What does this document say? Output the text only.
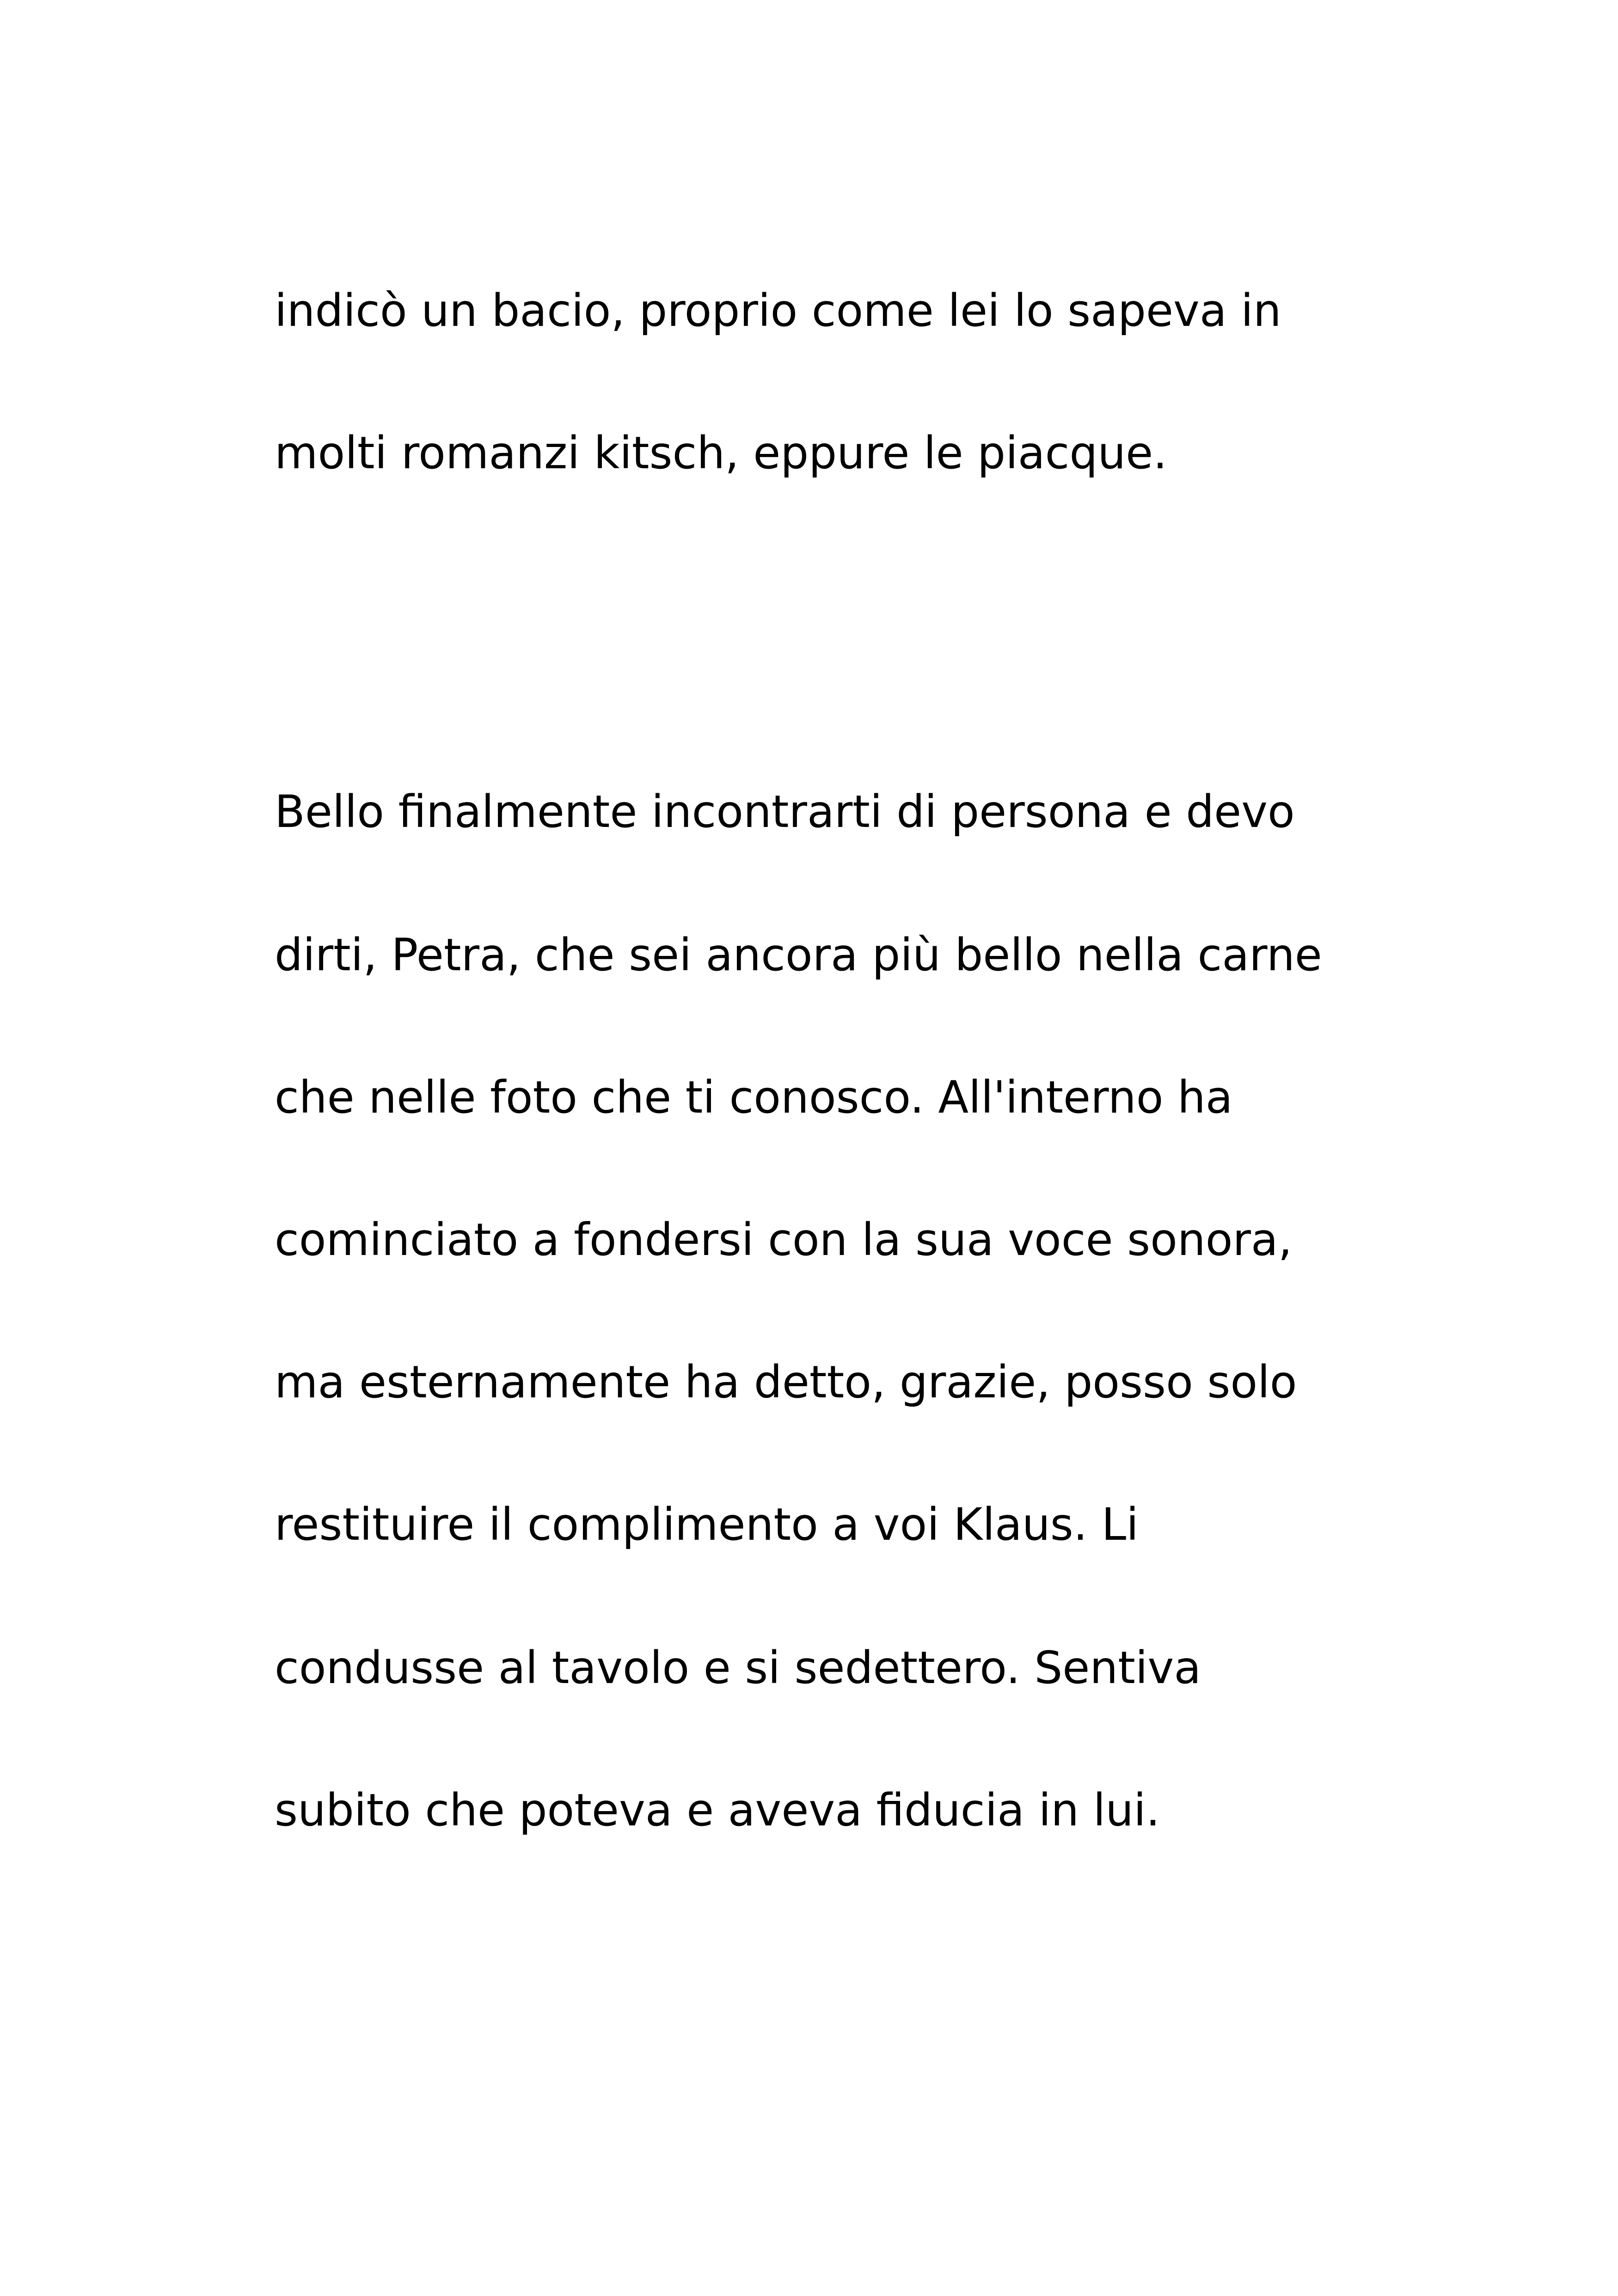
indicò un bacio, proprio come lei lo sapeva in

molti romanzi kitsch, eppure le piacque.

Bello finalmente incontrarti di persona e devo

dirti, Petra, che sei ancora più bello nella carne

che nelle foto che ti conosco. All'interno ha

cominciato a fondersi con la sua voce sonora,

ma esternamente ha detto, grazie, posso solo

restituire il complimento a voi Klaus. Li

condusse al tavolo e si sedettero. Sentiva

subito che poteva e aveva fiducia in lui.
